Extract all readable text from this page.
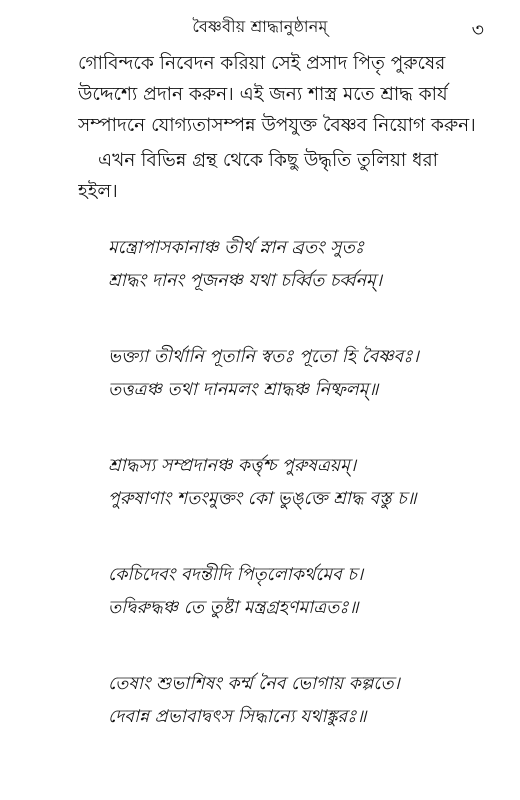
বৈষ্ণবীয় শ্রাদ্ধানুষ্ঠানম্	৩
গোবিন্দকে নিবেদন করিয়া সেই প্রসাদ পিতৃ পুরুষের
উদ্দেশ্যে প্রদান করুন। এই জন্য শাস্ত্র মতে শ্রাদ্ধ কার্য
সম্পাদনে যোগ্যতাসম্পন্ন উপযুক্ত বৈষ্ণব নিয়োগ করুন।
এখন বিভিন্ন গ্রন্থ থেকে কিছু উদ্ধৃতি তুলিয়া ধরা
হইল।
মন্ত্রোপাসকানাঞ্চ তীর্থ স্নান ব্রতং সুতঃ
শ্রাদ্ধং দানং পূজনঞ্চ যথা চর্ব্বিত চর্ব্বনম্।
ভক্ত্যা তীর্থানি পূতানি স্বতঃ পূতো হি বৈষ্ণবঃ।
তত্তত্রঞ্চ তথা দানমলং শ্রাদ্ধঞ্চ নিষ্ফলম্॥
শ্রাদ্ধস্য সম্প্রদানঞ্চ কর্ত্তৃশ্চ পুরুষত্রয়ম্।
পুরুষাণাং শতংমুক্তং কো ভুঙ্‌ক্তে শ্রাদ্ধ বস্তু চ॥
কেচিদেবং বদন্তীদি পিতৃলোকর্থমেব চ।
তদ্বিরুদ্ধঞ্চ তে তুষ্টা মন্ত্রগ্রহণমাত্রতঃ॥
তেষাং শুভাশিষং কর্ম্ম নৈব ভোগায় কল্পতে।
দেবান্ন প্রভাবাদ্বৎস সিদ্ধান্যে যথাঙ্কুরঃ॥
